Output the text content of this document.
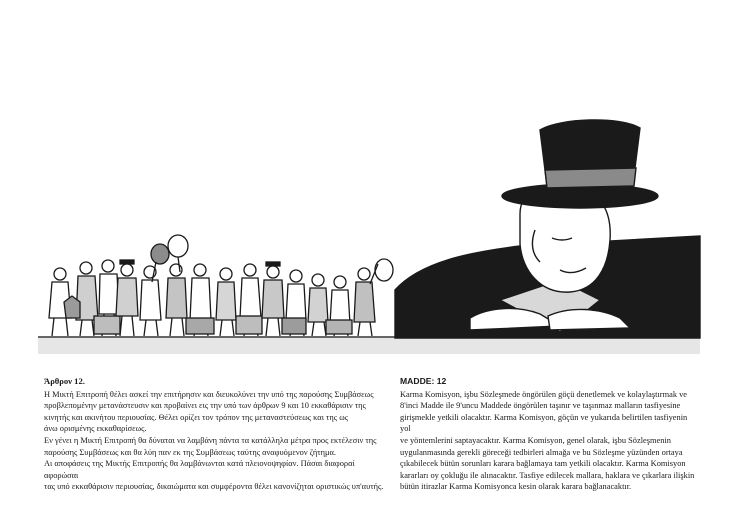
Άρθρον 12.

Η Μικτή Επιτροπή θέλει ασκεί την επιτήρησιν και διευκολύνει την υπό της παρούσης Συμβάσεως

προβλεπομένην μετανάστευσιν και προβαίνει εις την υπό των άρθρων 9 και 10 εκκαθάρισιν της

κινητής και ακινήτου περιουσίας. Θέλει ορίζει τον τρόπον της μεταναστεύσεως και της ως

άνω ορισμένης εκκαθαρίσεως.

Εν γένει η Μικτή Επιτροπή θα δύναται να λαμβάνη πάντα τα κατάλληλα μέτρα προς εκτέλεσιν της

παρούσης Συμβάσεως και θα λύη παν εκ της Συμβάσεως ταύτης αναφυόμενον ζήτημα.

Αι αποφάσεις της Μικτής Επιτροπής θα λαμβάνωνται κατά πλειονοψηφίαν. Πάσαι διαφοραί αφορώσαι

τας υπό εκκαθάρισιν περιουσίας, δικαιώματα και συμφέροντα θέλει κανονίζηται οριστικώς υπ'αυτής.

MADDE: 12

Karma Komisyon, işbu Sözleşmede öngörülen göçü denetlemek ve kolaylaştırmak ve

8'inci Madde ile 9'uncu Maddede öngörülen taşınır ve taşınmaz malların tasfiyesine

girişmekle yetkili olacaktır. Karma Komisyon, göçün ve yukarıda belirtilen tasfiyenin yol

ve yöntemlerini saptayacaktır. Karma Komisyon, genel olarak, işbu Sözleşmenin

uygulanmasında gerekli göreceği tedbirleri almağa ve bu Sözleşme yüzünden ortaya

çıkabilecek bütün sorunları karara bağlamaya tam yetkili olacaktır. Karma Komisyon

kararları oy çokluğu ile alınacaktır. Tasfiye edilecek mallara, haklara ve çıkarlara ilişkin

bütün itirazlar Karma Komisyonca kesin olarak karara bağlanacaktır.
